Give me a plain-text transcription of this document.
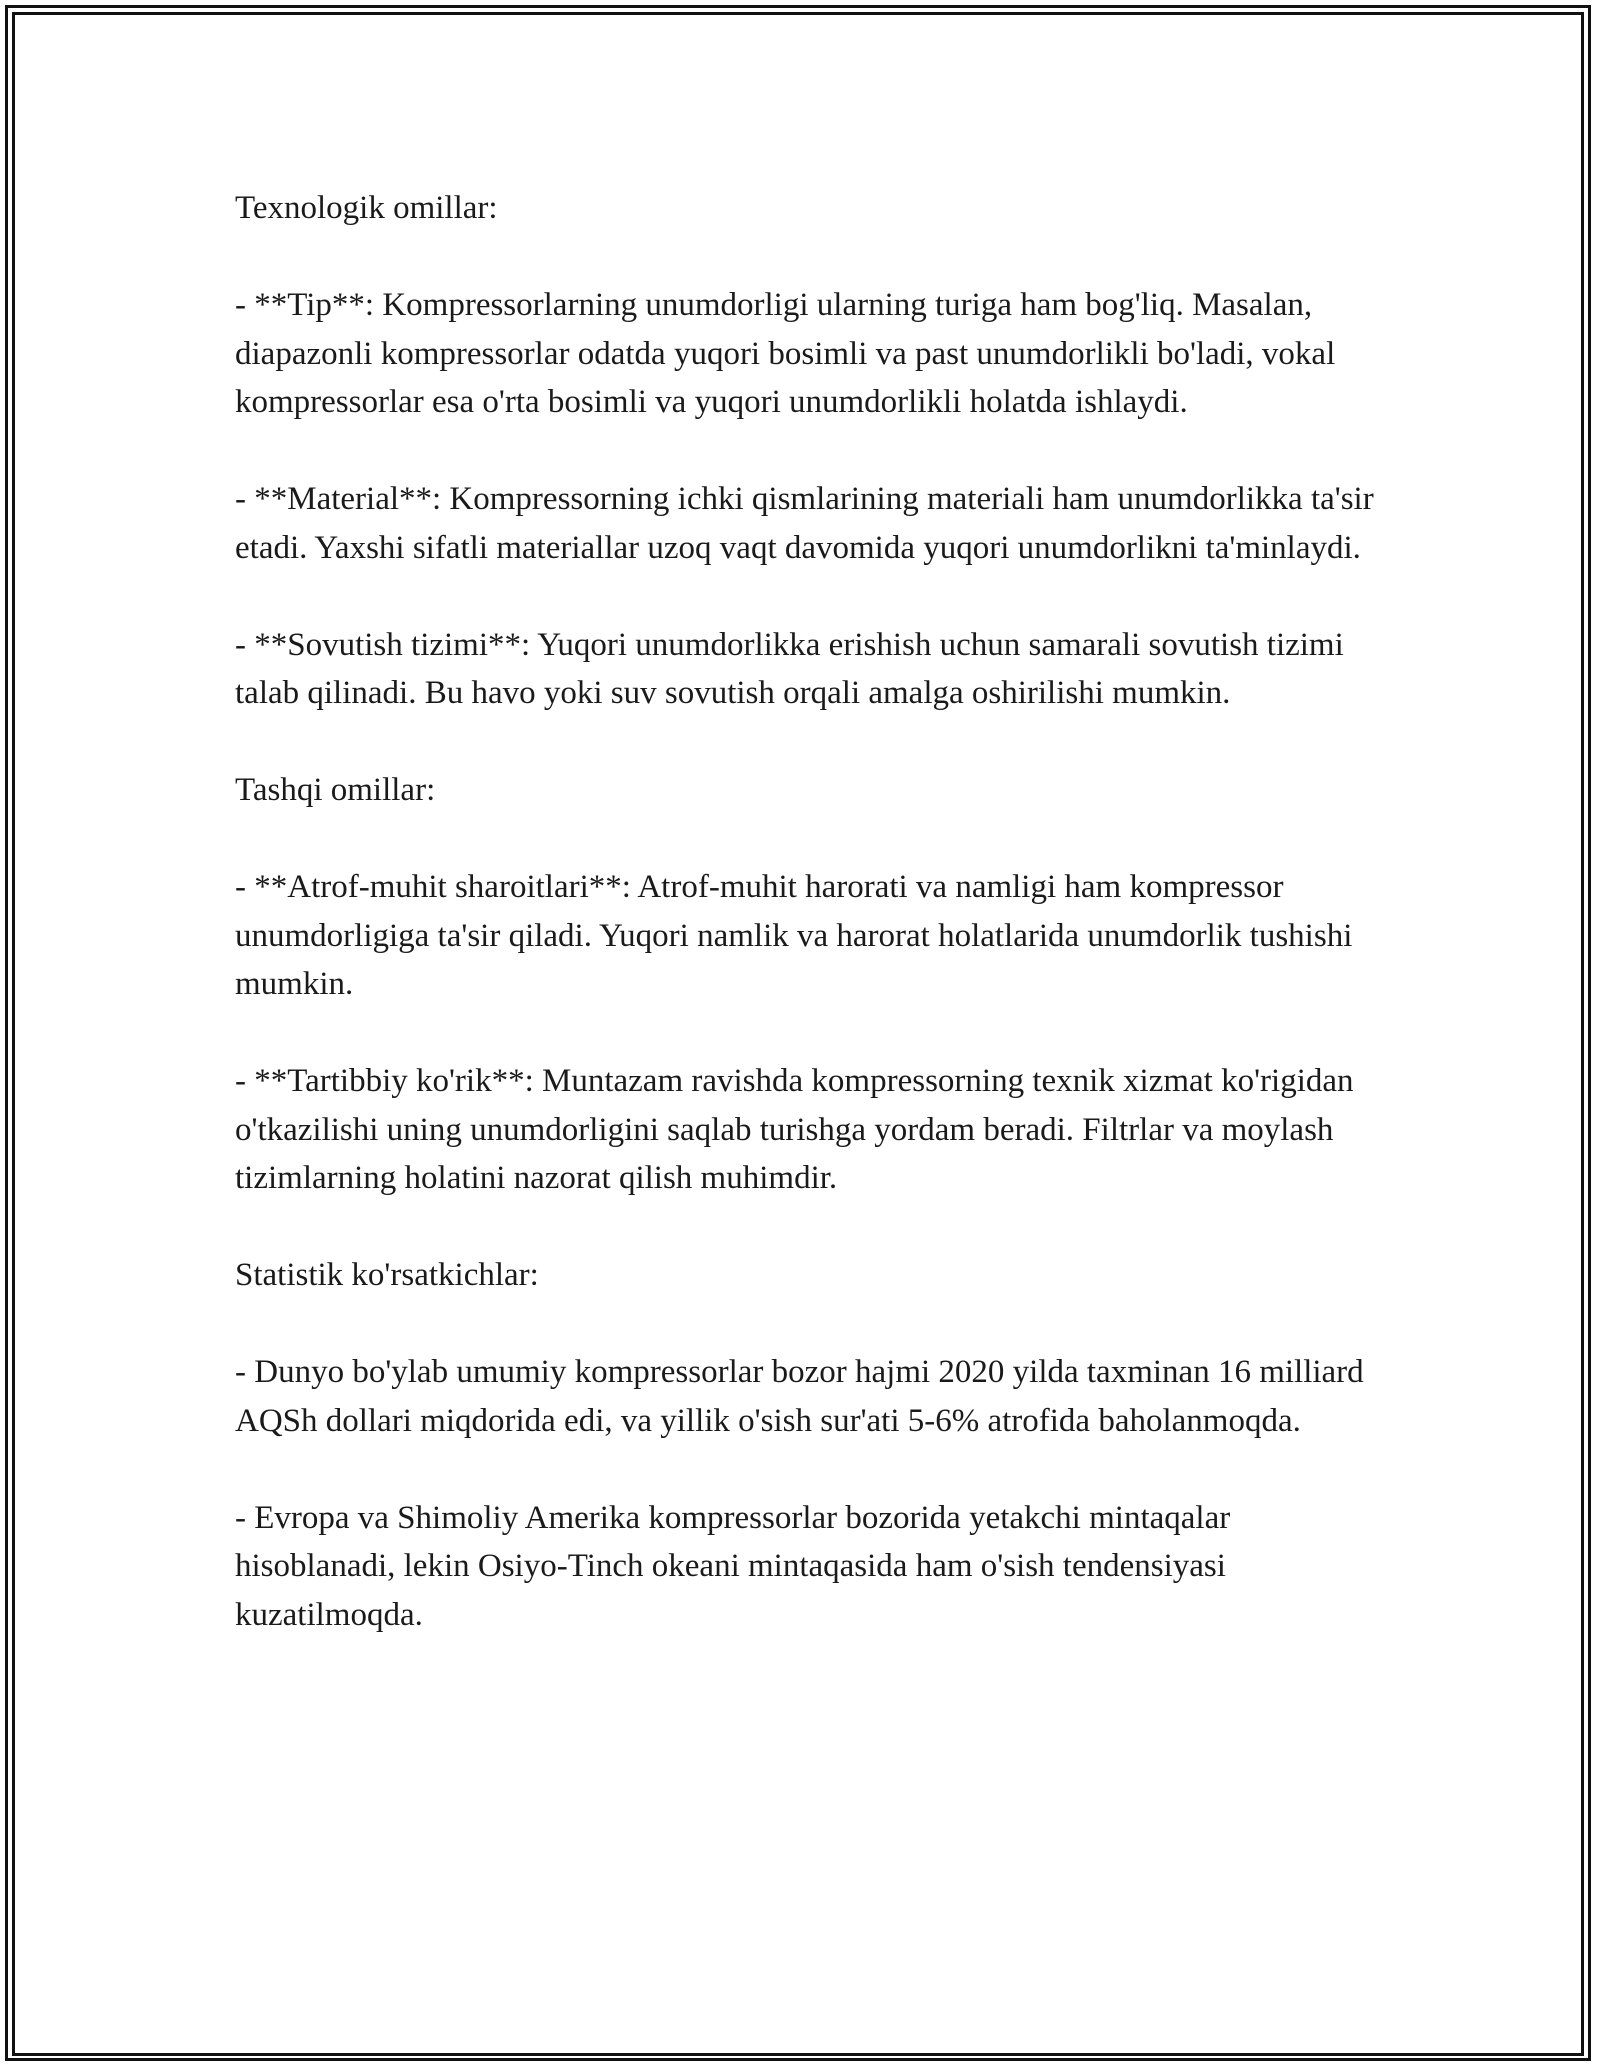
Texnologik omillar:

- **Tip**: Kompressorlarning unumdorligi ularning turiga ham bog'liq. Masalan, diapazonli kompressorlar odatda yuqori bosimli va past unumdorlikli bo'ladi, vokal kompressorlar esa o'rta bosimli va yuqori unumdorlikli holatda ishlaydi.

- **Material**: Kompressorning ichki qismlarining materiali ham unumdorlikka ta'sir etadi. Yaxshi sifatli materiallar uzoq vaqt davomida yuqori unumdorlikni ta'minlaydi.

- **Sovutish tizimi**: Yuqori unumdorlikka erishish uchun samarali sovutish tizimi talab qilinadi. Bu havo yoki suv sovutish orqali amalga oshirilishi mumkin.

Tashqi omillar:

- **Atrof-muhit sharoitlari**: Atrof-muhit harorati va namligi ham kompressor unumdorligiga ta'sir qiladi. Yuqori namlik va harorat holatlarida unumdorlik tushishi mumkin.

- **Tartibbiy ko'rik**: Muntazam ravishda kompressorning texnik xizmat ko'rigidan o'tkazilishi uning unumdorligini saqlab turishga yordam beradi. Filtrlar va moylash tizimlarning holatini nazorat qilish muhimdir.

Statistik ko'rsatkichlar:

- Dunyo bo'ylab umumiy kompressorlar bozor hajmi 2020 yilda taxminan 16 milliard AQSh dollari miqdorida edi, va yillik o'sish sur'ati 5-6% atrofida baholanmoqda.

- Evropa va Shimoliy Amerika kompressorlar bozorida yetakchi mintaqalar hisoblanadi, lekin Osiyo-Tinch okeani mintaqasida ham o'sish tendensiyasi kuzatilmoqda.
